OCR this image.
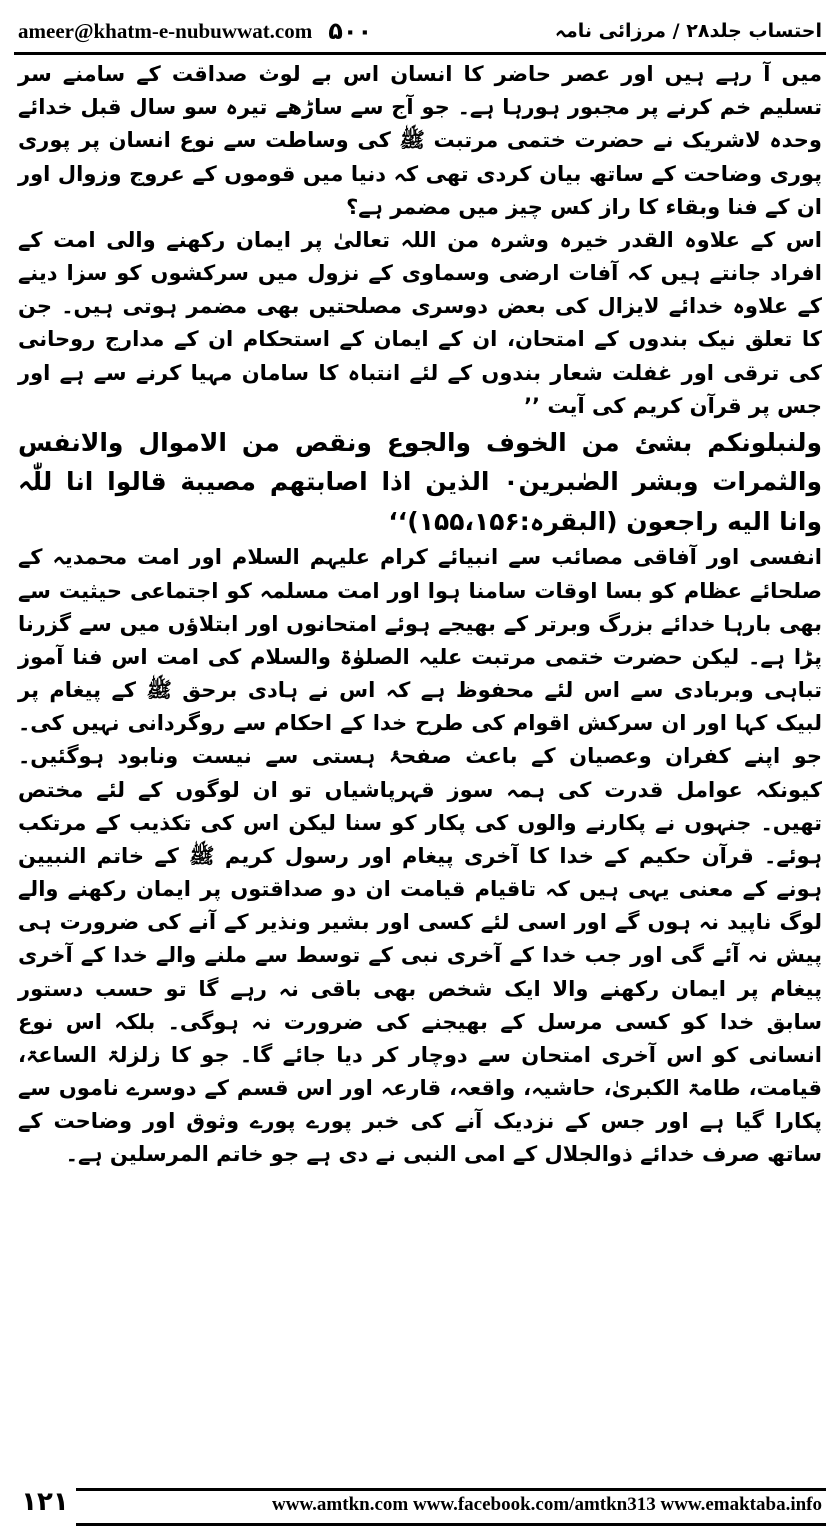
ameer@khatm-e-nubuwwat.com ۵۰۰	احتساب جلد۲۸ / مرزائی نامہ

میں آ رہے ہیں اور عصر حاضر کا انسان اس بے لوث صداقت کے سامنے سر تسلیم خم کرنے پر مجبور ہورہا ہے۔ جو آج سے ساڑھے تیرہ سو سال قبل خدائے وحدہ لاشریک نے حضرت ختمی مرتبت ﷺ کی وساطت سے نوع انسان پر پوری پوری وضاحت کے ساتھ بیان کردی تھی کہ دنیا میں قوموں کے عروج وزوال اور ان کے فنا وبقاء کا راز کس چیز میں مضمر ہے؟

اس کے علاوہ القدر خیرہ وشرہ من اللہ تعالیٰ پر ایمان رکھنے والی امت کے افراد جانتے ہیں کہ آفات ارضی وسماوی کے نزول میں سرکشوں کو سزا دینے کے علاوہ خدائے لایزال کی بعض دوسری مصلحتیں بھی مضمر ہوتی ہیں۔ جن کا تعلق نیک بندوں کے امتحان، ان کے ایمان کے استحکام ان کے مدارج روحانی کی ترقی اور غفلت شعار بندوں کے لئے انتباہ کا سامان مہیا کرنے سے ہے اور جس پر قرآن کریم کی آیت ’’

ولنبلونکم بشئ من الخوف والجوع ونقص من الاموال والانفس والثمرات وبشر الصٰبرین۰ الذین اذا اصابتھم مصیبة قالوا انا للّٰہ وانا الیه راجعون (البقرہ:۱۵۵،۱۵۶)‘‘

انفسی اور آفاقی مصائب سے انبیائے کرام علیہم السلام اور امت محمدیہ کے صلحائے عظام کو بسا اوقات سامنا ہوا اور امت مسلمہ کو اجتماعی حیثیت سے بھی بارہا خدائے بزرگ وبرتر کے بھیجے ہوئے امتحانوں اور ابتلاؤں میں سے گزرنا پڑا ہے۔ لیکن حضرت ختمی مرتبت علیہ الصلوٰۃ والسلام کی امت اس فنا آموز تباہی وبربادی سے اس لئے محفوظ ہے کہ اس نے ہادی برحق ﷺ کے پیغام پر لبیک کہا اور ان سرکش اقوام کی طرح خدا کے احکام سے روگردانی نہیں کی۔ جو اپنے کفران وعصیان کے باعث صفحۂ ہستی سے نیست ونابود ہوگئیں۔ کیونکہ عوامل قدرت کی ہمہ سوز قہرپاشیاں تو ان لوگوں کے لئے مختص تھیں۔ جنہوں نے پکارنے والوں کی پکار کو سنا لیکن اس کی تکذیب کے مرتکب ہوئے۔ قرآن حکیم کے خدا کا آخری پیغام اور رسول کریم ﷺ کے خاتم النبیین ہونے کے معنی یہی ہیں کہ تاقیام قیامت ان دو صداقتوں پر ایمان رکھنے والے لوگ ناپید نہ ہوں گے اور اسی لئے کسی اور بشیر ونذیر کے آنے کی ضرورت ہی پیش نہ آئے گی اور جب خدا کے آخری نبی کے توسط سے ملنے والے خدا کے آخری پیغام پر ایمان رکھنے والا ایک شخص بھی باقی نہ رہے گا تو حسب دستور سابق خدا کو کسی مرسل کے بھیجنے کی ضرورت نہ ہوگی۔ بلکہ اس نوع انسانی کو اس آخری امتحان سے دوچار کر دیا جائے گا۔ جو کا زلزلۃ الساعۃ، قیامت، طامۃ الکبریٰ، حاشیہ، واقعہ، قارعہ اور اس قسم کے دوسرے ناموں سے پکارا گیا ہے اور جس کے نزدیک آنے کی خبر پورے پورے وثوق اور وضاحت کے ساتھ صرف خدائے ذوالجلال کے امی النبی نے دی ہے جو خاتم المرسلین ہے۔

۱۲۱	www.amtkn.com www.facebook.com/amtkn313 www.emaktaba.info
